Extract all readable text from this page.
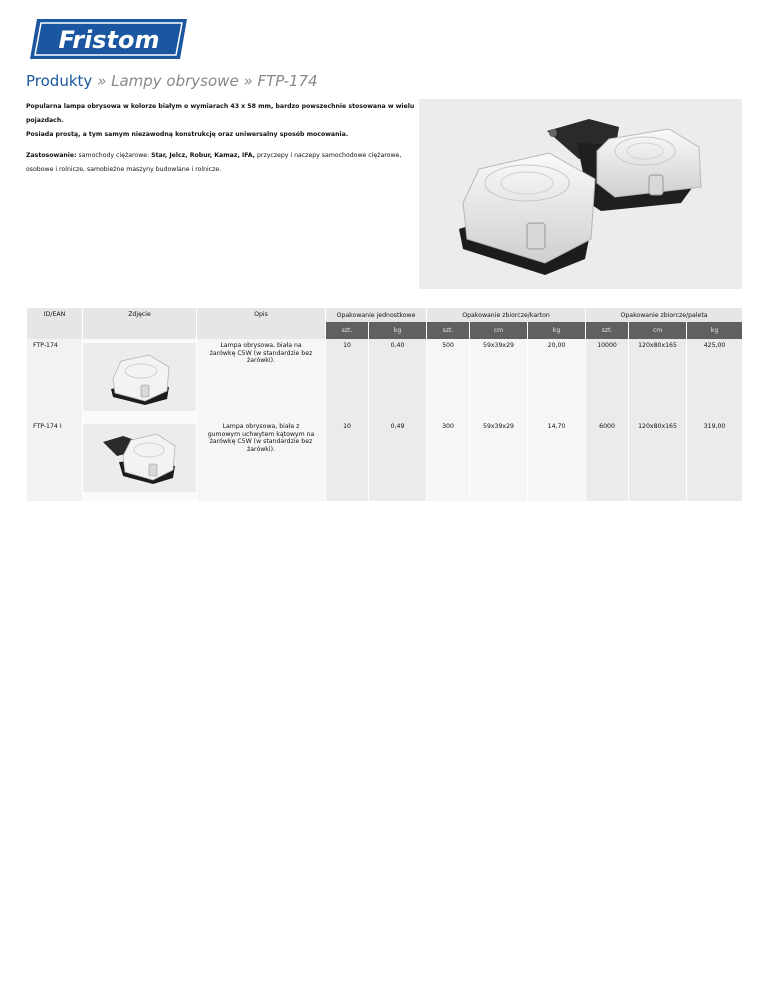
Fristom
Produkty » Lampy obrysowe » FTP-174

Popularna lampa obrysowa w kolorze białym o wymiarach 43 x 58 mm, bardzo powszechnie stosowana w wielu pojazdach.

Posiada prostą, a tym samym niezawodną konstrukcję oraz uniwersalny sposób mocowania.

Zastosowanie: samochody ciężarowe: Star, Jelcz, Robur, Kamaz, IFA, przyczepy i naczepy samochodowe ciężarowe, osobowe i rolnicze, samobieżne maszyny budowlane i rolnicze.

ID/EAN	Zdjęcie	Opis	Opakowanie jednostkowe		Opakowanie zbiorcze/karton			Opakowanie zbiorcze/paleta		
			szt.	kg	szt.	cm	kg	szt.	cm	kg
FTP-174		Lampa obrysowa, biała na żarówkę C5W (w standardzie bez żarówki).	10	0,40	500	59x39x29	20,00	10000	120x80x165	425,00

FTP-174 I		Lampa obrysowa, biała z gumowym uchwytem kątowym na żarówkę C5W (w standardzie bez żarówki).	10	0,49	300	59x39x29	14,70	6000	120x80x165	319,00
